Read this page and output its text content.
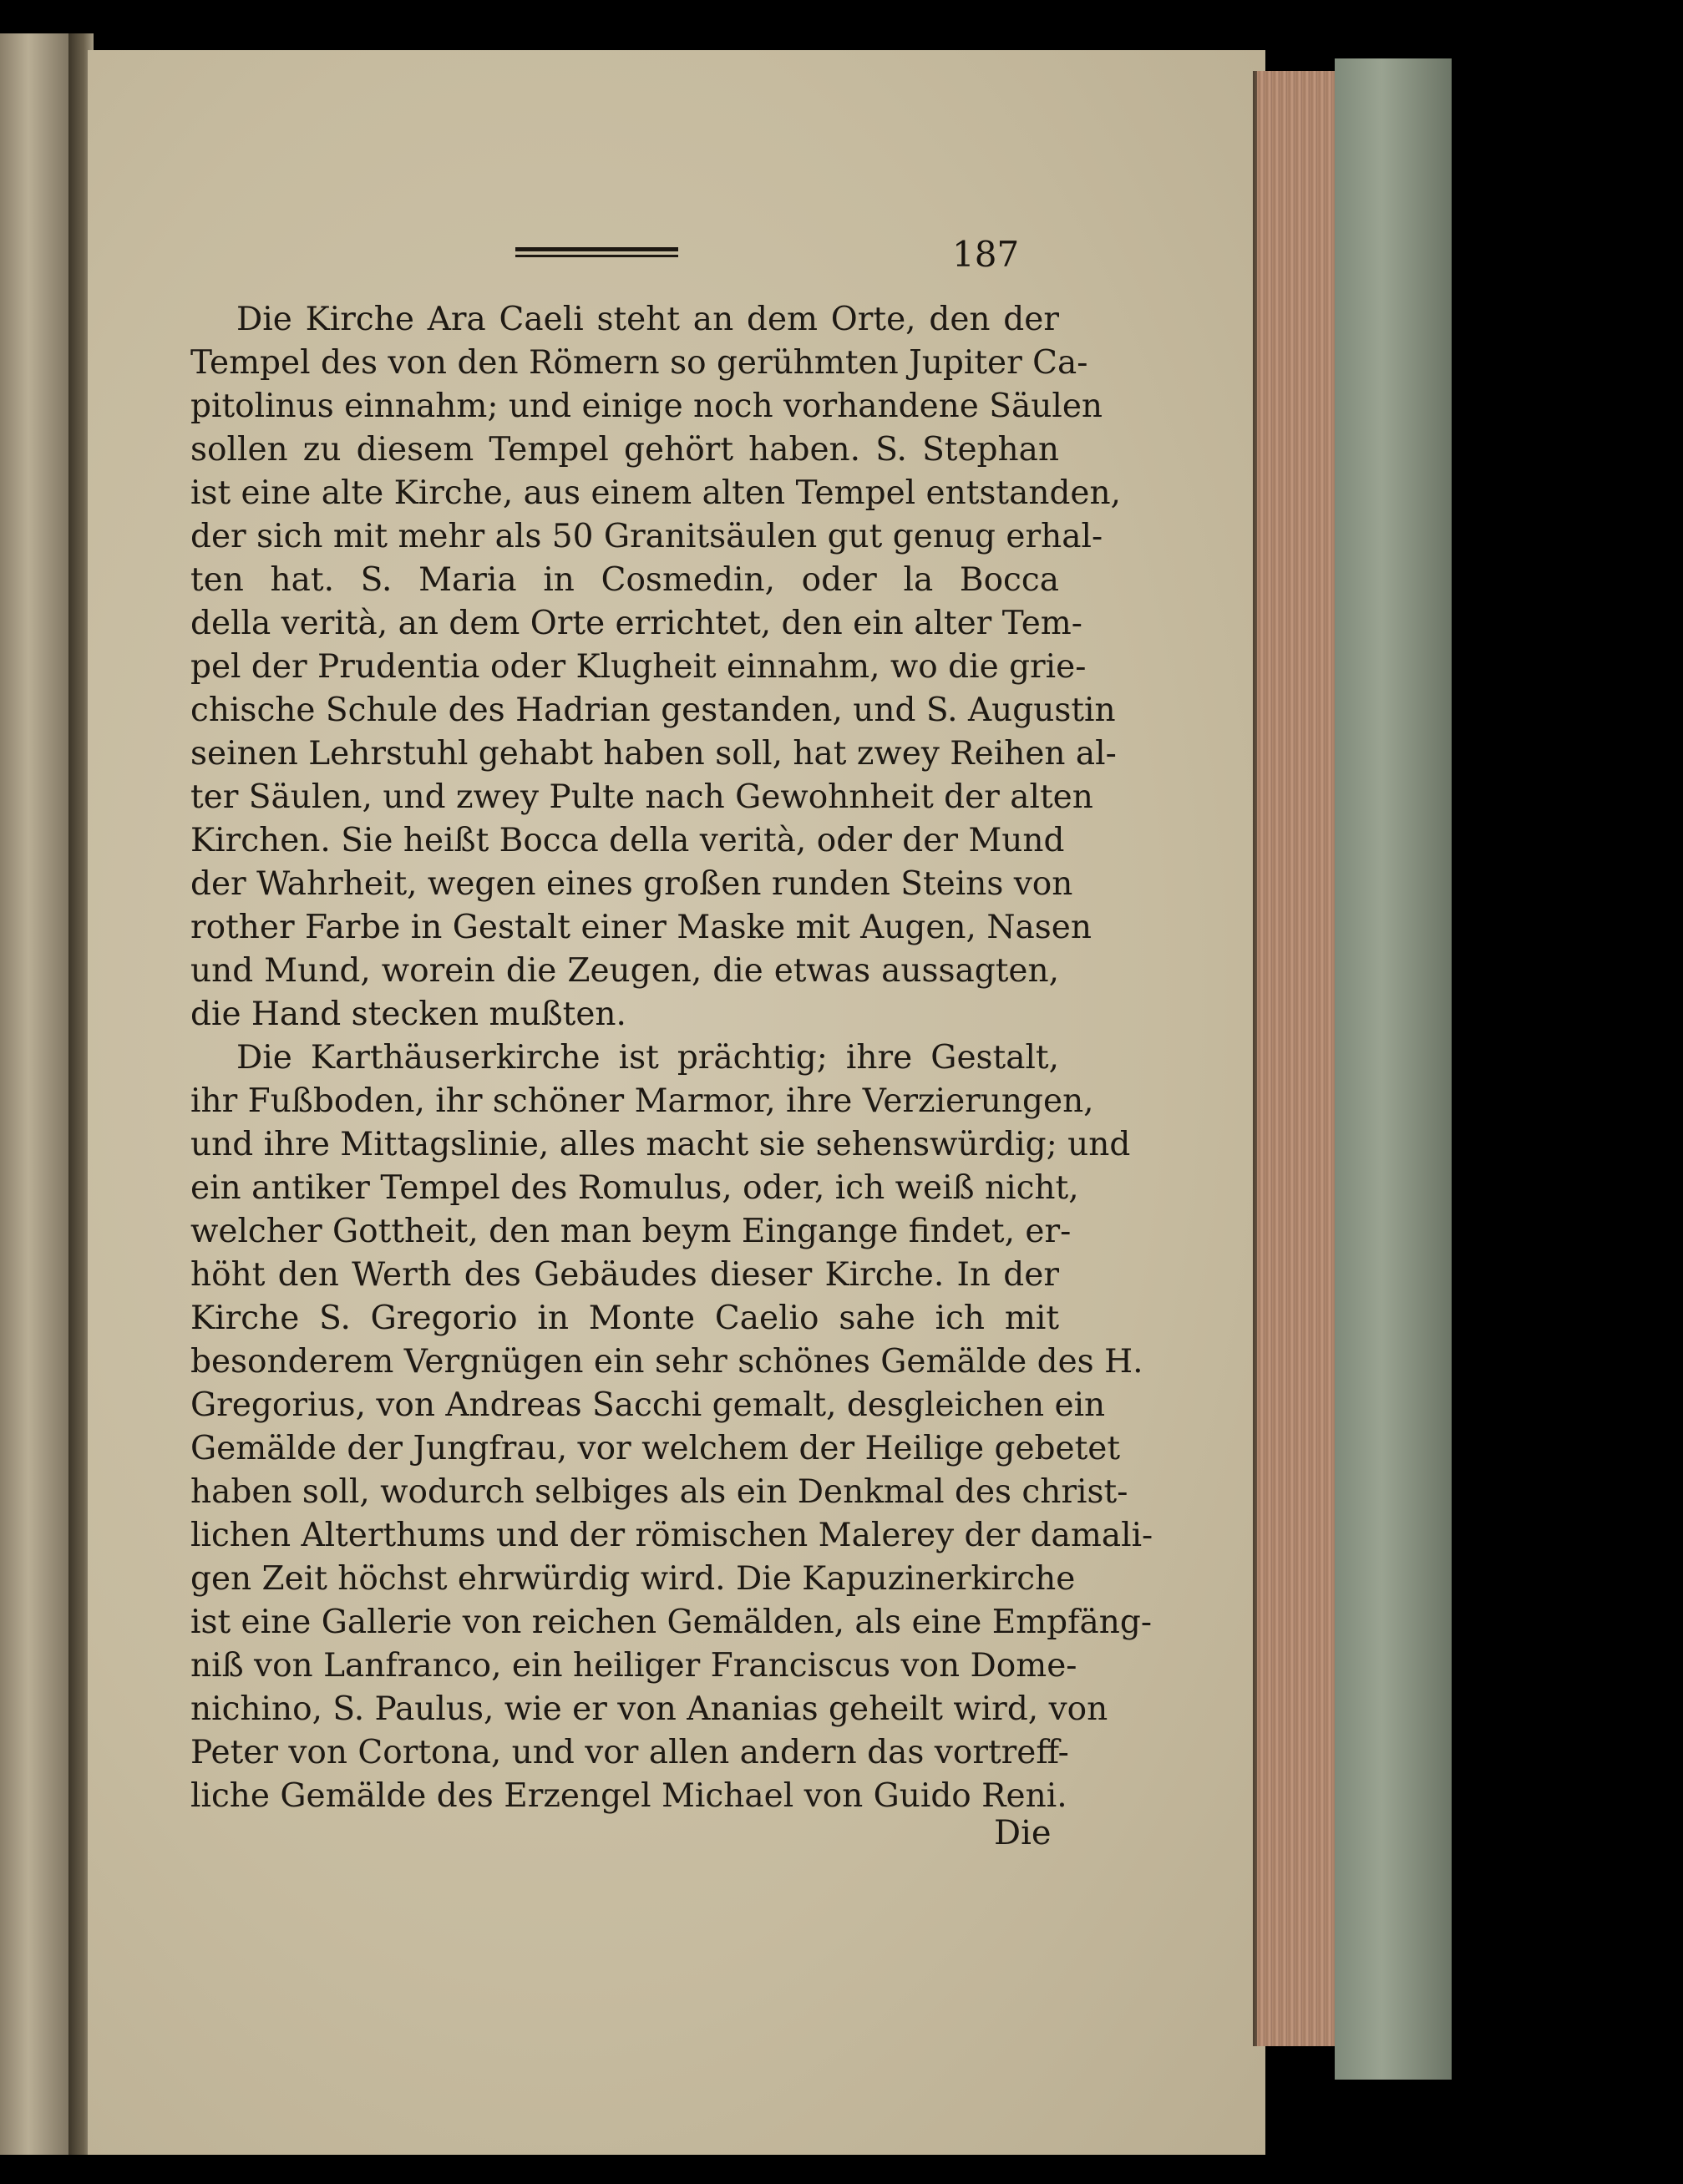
187
Die Kirche Ara Caeli steht an dem Orte, den der
Tempel des von den Römern so gerühmten Jupiter Ca-
pitolinus einnahm; und einige noch vorhandene Säulen
sollen zu diesem Tempel gehört haben. S. Stephan
ist eine alte Kirche, aus einem alten Tempel entstanden,
der sich mit mehr als 50 Granitsäulen gut genug erhal-
ten hat. S. Maria in Cosmedin, oder la Bocca
della verità, an dem Orte errichtet, den ein alter Tem-
pel der Prudentia oder Klugheit einnahm, wo die grie-
chische Schule des Hadrian gestanden, und S. Augustin
seinen Lehrstuhl gehabt haben soll, hat zwey Reihen al-
ter Säulen, und zwey Pulte nach Gewohnheit der alten
Kirchen. Sie heißt Bocca della verità, oder der Mund
der Wahrheit, wegen eines großen runden Steins von
rother Farbe in Gestalt einer Maske mit Augen, Nasen
und Mund, worein die Zeugen, die etwas aussagten,
die Hand stecken mußten.
Die Karthäuserkirche ist prächtig; ihre Gestalt,
ihr Fußboden, ihr schöner Marmor, ihre Verzierungen,
und ihre Mittagslinie, alles macht sie sehenswürdig; und
ein antiker Tempel des Romulus, oder, ich weiß nicht,
welcher Gottheit, den man beym Eingange findet, er-
höht den Werth des Gebäudes dieser Kirche. In der
Kirche S. Gregorio in Monte Caelio sahe ich mit
besonderem Vergnügen ein sehr schönes Gemälde des H.
Gregorius, von Andreas Sacchi gemalt, desgleichen ein
Gemälde der Jungfrau, vor welchem der Heilige gebetet
haben soll, wodurch selbiges als ein Denkmal des christ-
lichen Alterthums und der römischen Malerey der damali-
gen Zeit höchst ehrwürdig wird. Die Kapuzinerkirche
ist eine Gallerie von reichen Gemälden, als eine Empfäng-
niß von Lanfranco, ein heiliger Franciscus von Dome-
nichino, S. Paulus, wie er von Ananias geheilt wird, von
Peter von Cortona, und vor allen andern das vortreff-
liche Gemälde des Erzengel Michael von Guido Reni.
Die
